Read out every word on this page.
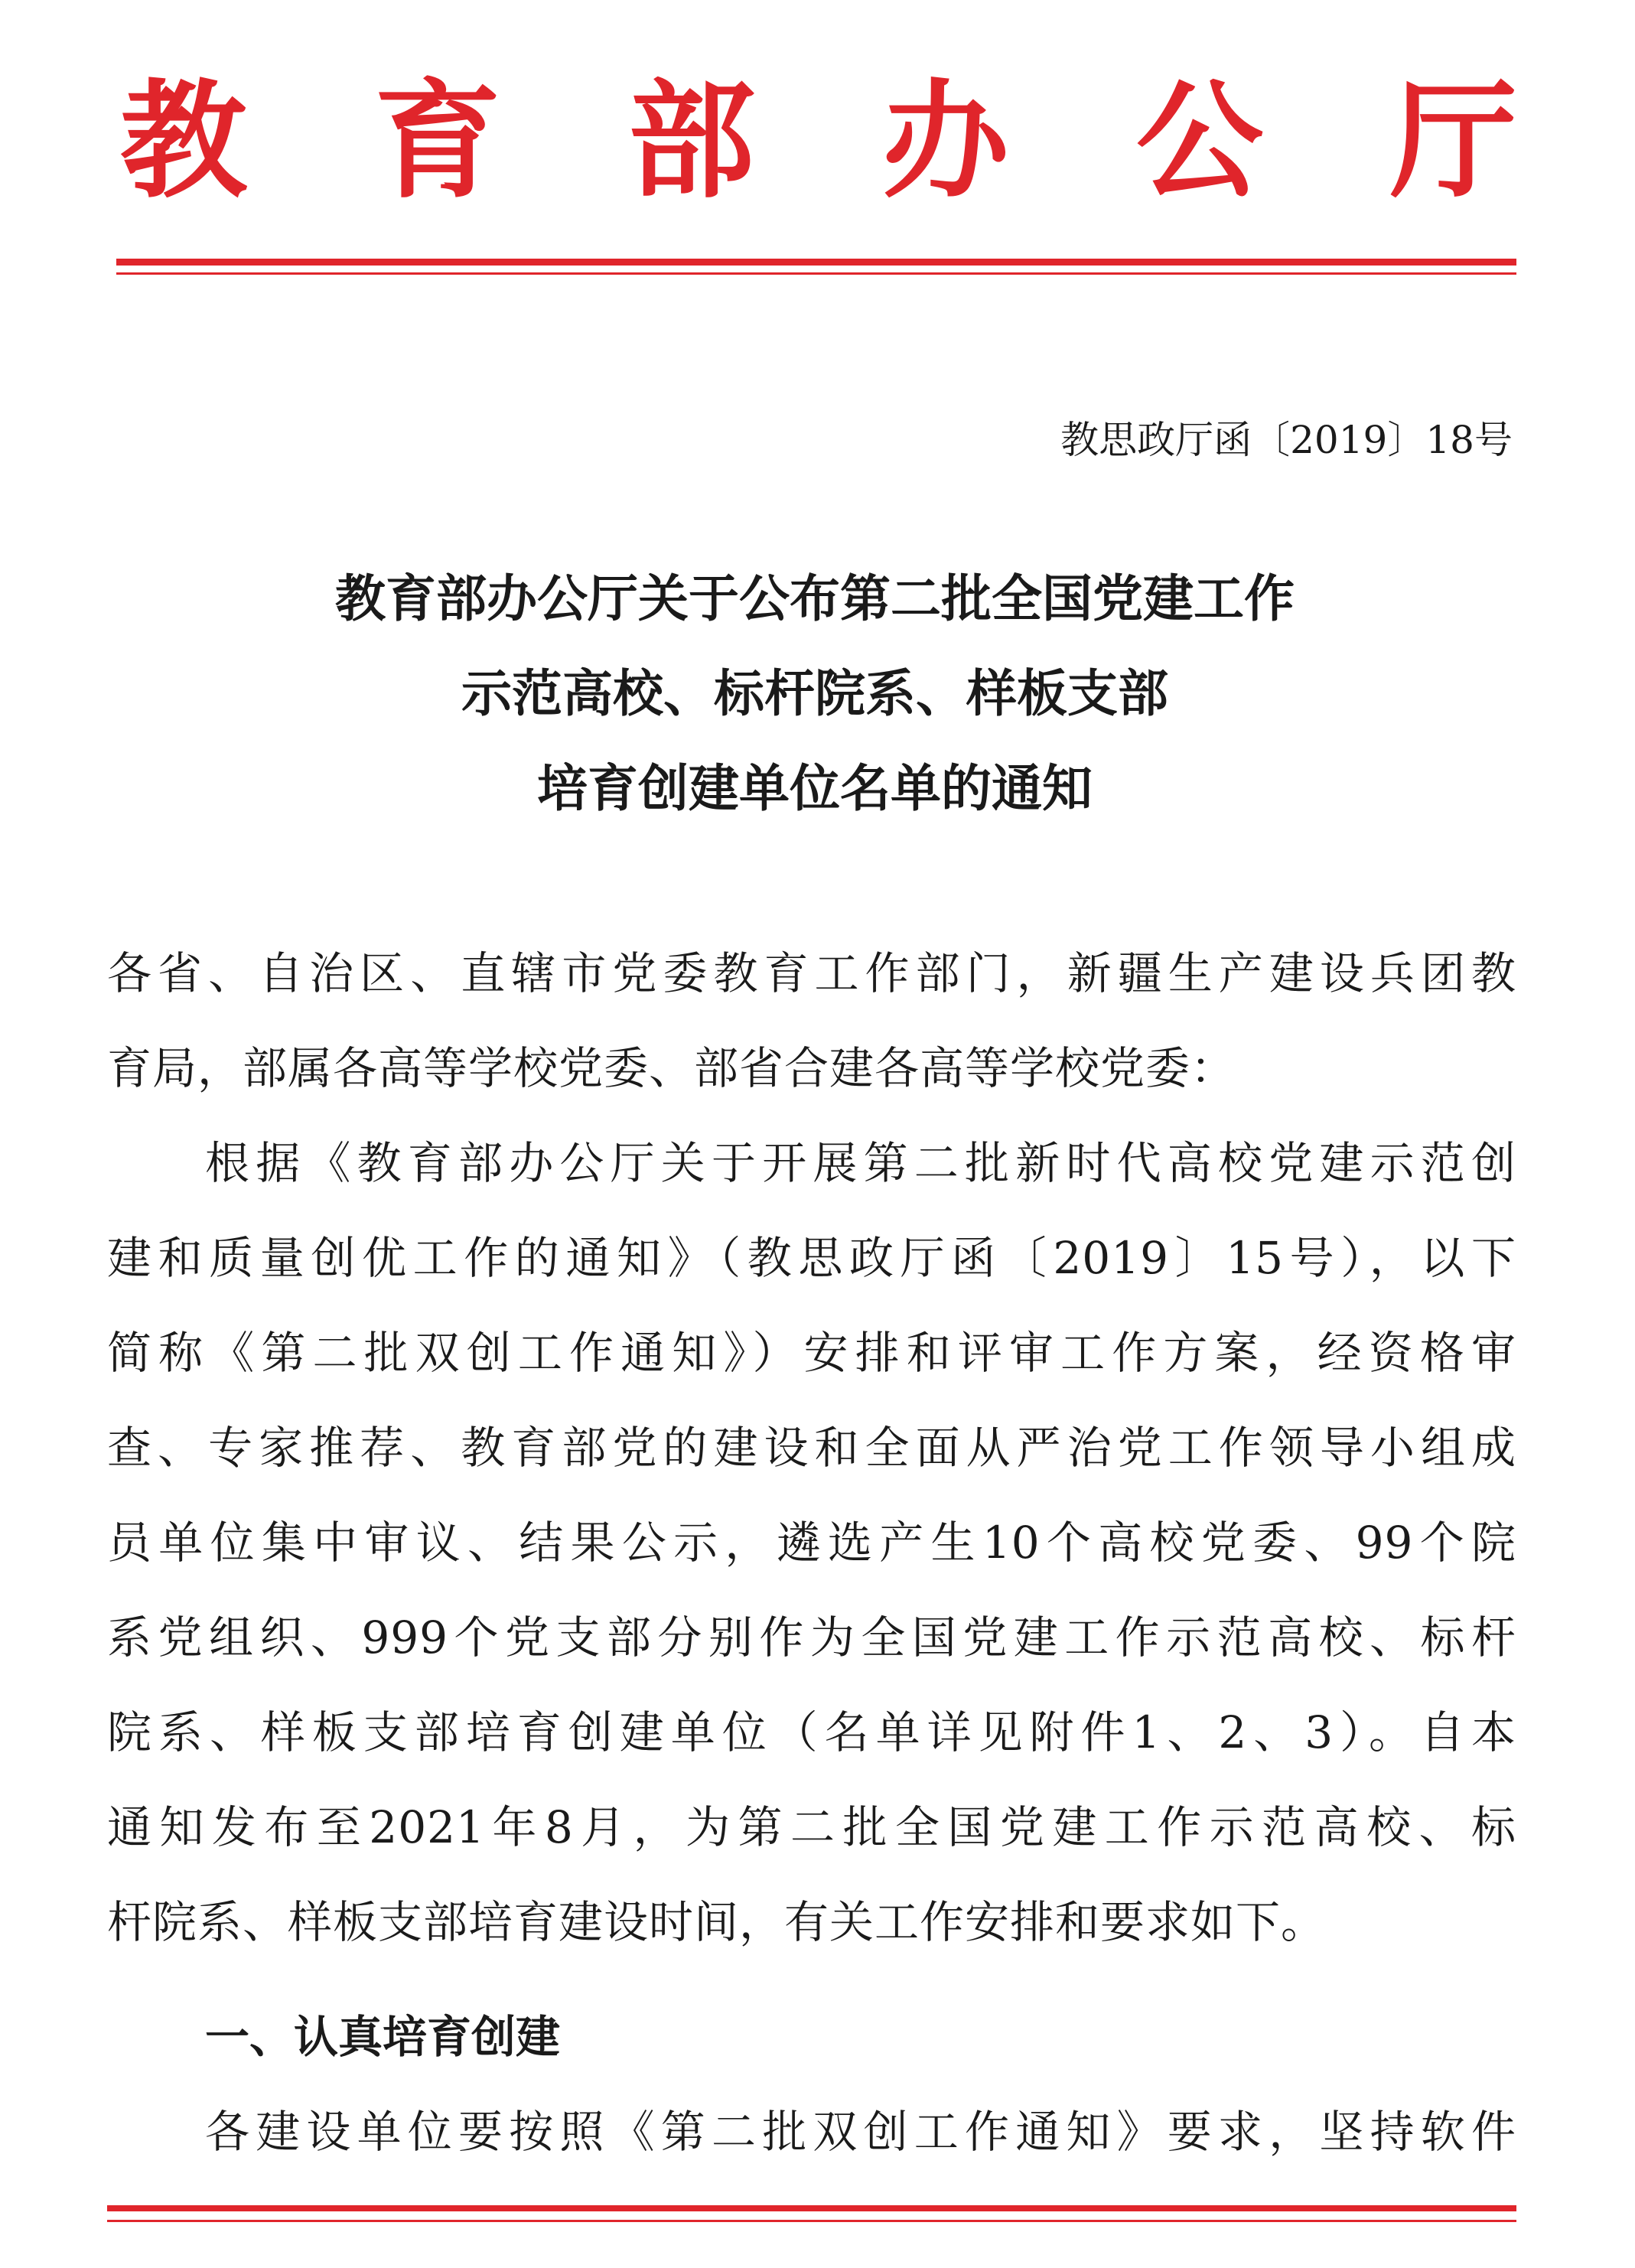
教 育 部 办 公 厅
教思政厅函〔2019〕18号
教育部办公厅关于公布第二批全国党建工作
示范高校、标杆院系、样板支部
培育创建单位名单的通知
各省、自治区、直辖市党委教育工作部门，新疆生产建设兵团教
育局，部属各高等学校党委、部省合建各高等学校党委：
根据《教育部办公厅关于开展第二批新时代高校党建示范创
建和质量创优工作的通知》（教思政厅函〔2019〕15号），以下
简称《第二批双创工作通知》）安排和评审工作方案，经资格审
查、专家推荐、教育部党的建设和全面从严治党工作领导小组成
员单位集中审议、结果公示，遴选产生10个高校党委、99个院
系党组织、999个党支部分别作为全国党建工作示范高校、标杆
院系、样板支部培育创建单位（名单详见附件1、2、3）。自本
通知发布至2021年8月，为第二批全国党建工作示范高校、标
杆院系、样板支部培育建设时间，有关工作安排和要求如下。
一、认真培育创建
各建设单位要按照《第二批双创工作通知》要求，坚持软件
